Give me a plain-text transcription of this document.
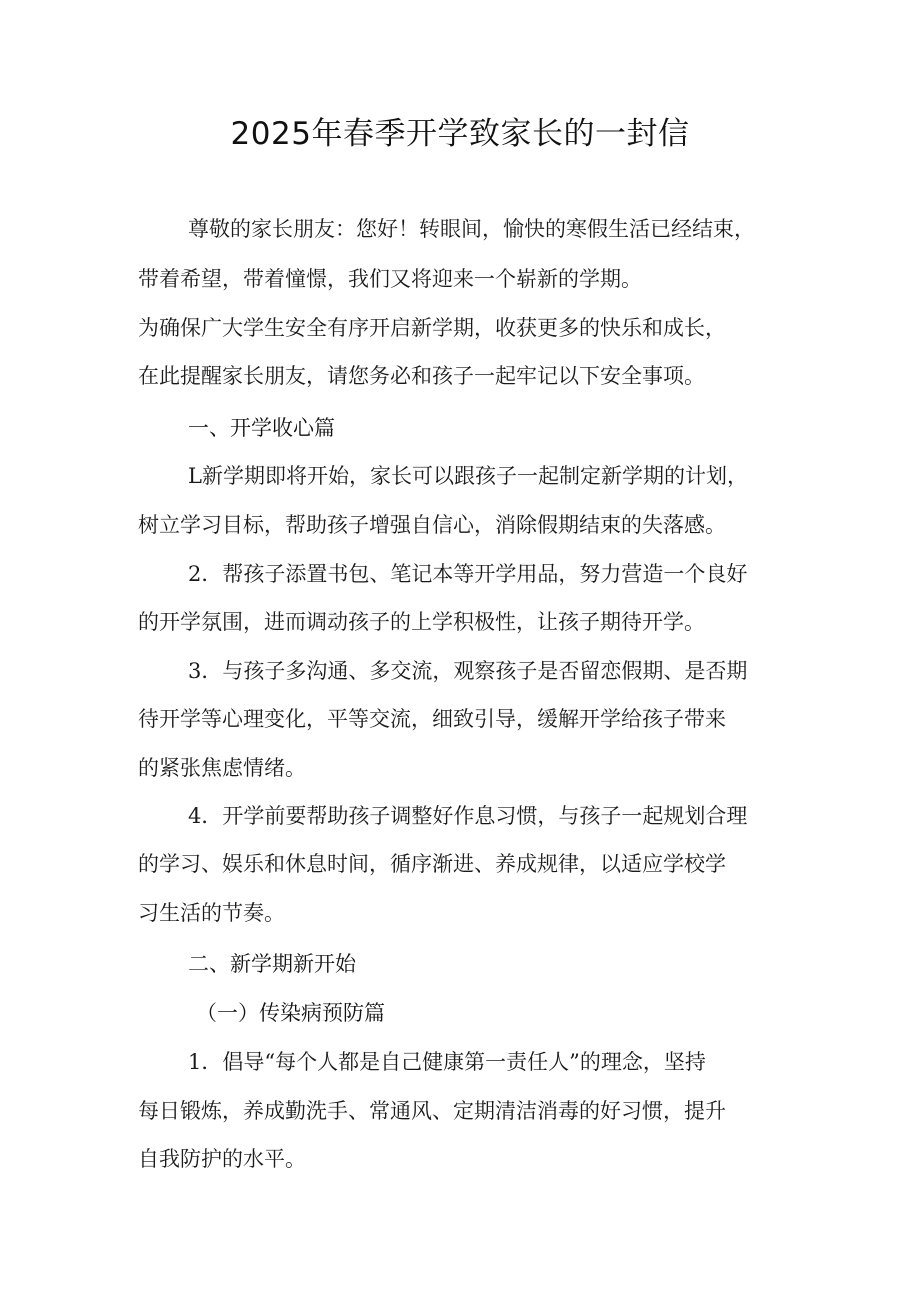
2025年春季开学致家长的一封信
尊敬的家长朋友：您好！转眼间，愉快的寒假生活已经结束，
带着希望，带着憧憬，我们又将迎来一个崭新的学期。
为确保广大学生安全有序开启新学期，收获更多的快乐和成长，
在此提醒家长朋友，请您务必和孩子一起牢记以下安全事项。
一、开学收心篇
L新学期即将开始，家长可以跟孩子一起制定新学期的计划，
树立学习目标，帮助孩子增强自信心，消除假期结束的失落感。
2．帮孩子添置书包、笔记本等开学用品，努力营造一个良好
的开学氛围，进而调动孩子的上学积极性，让孩子期待开学。
3．与孩子多沟通、多交流，观察孩子是否留恋假期、是否期
待开学等心理变化，平等交流，细致引导，缓解开学给孩子带来
的紧张焦虑情绪。
4．开学前要帮助孩子调整好作息习惯，与孩子一起规划合理
的学习、娱乐和休息时间，循序渐进、养成规律，以适应学校学
习生活的节奏。
二、新学期新开始
（一）传染病预防篇
1．倡导“每个人都是自己健康第一责任人”的理念，坚持
每日锻炼，养成勤洗手、常通风、定期清洁消毒的好习惯，提升
自我防护的水平。
